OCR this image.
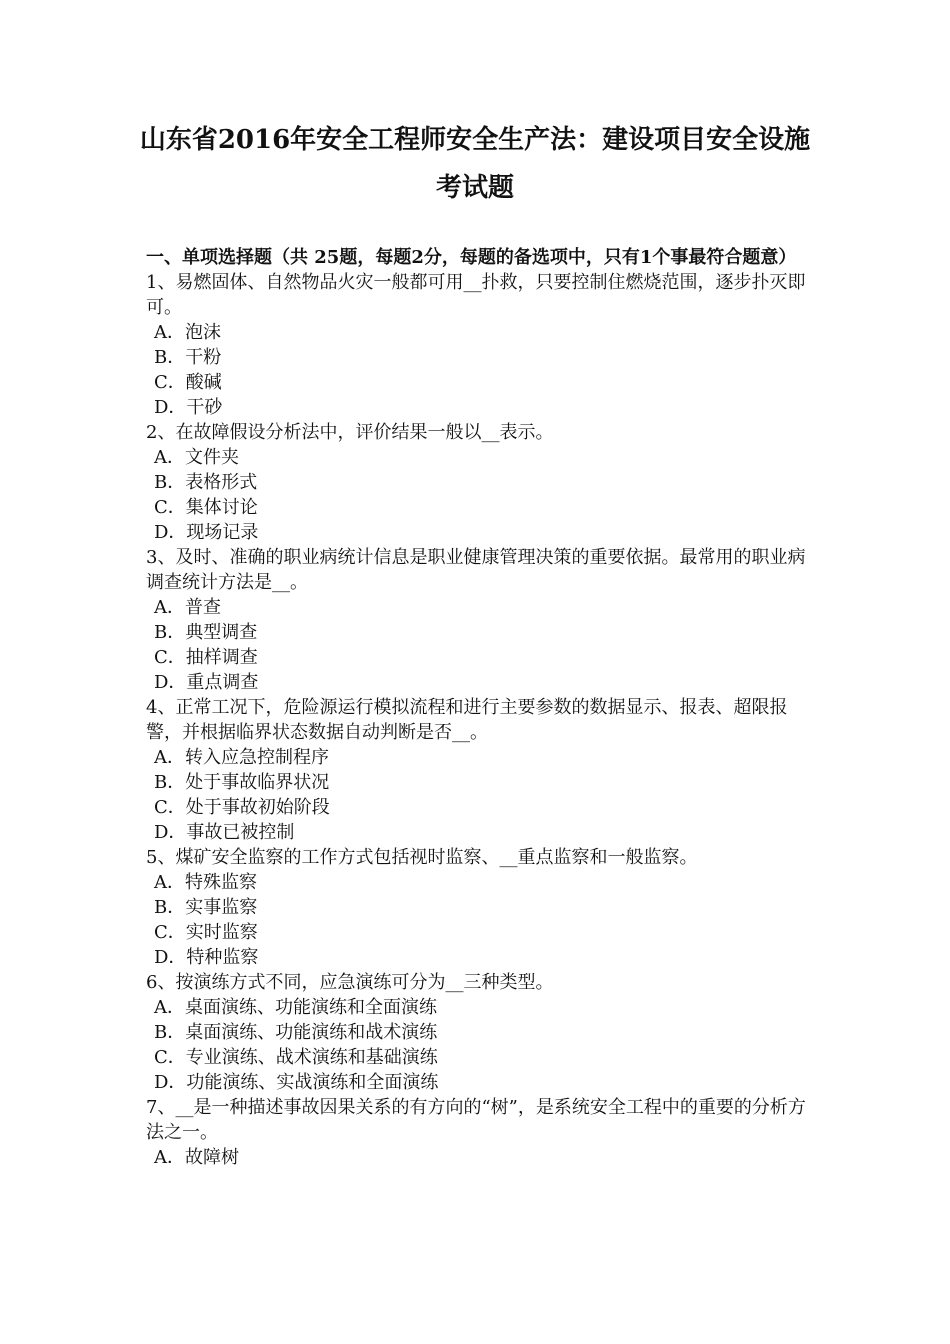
山东省2016年安全工程师安全生产法：建设项目安全设施
考试题
一、单项选择题（共 25题，每题2分，每题的备选项中，只有1个事最符合题意）

1、易燃固体、自然物品火灾一般都可用__扑救，只要控制住燃烧范围，逐步扑灭即可。

A．泡沫

B．干粉

C．酸碱

D．干砂

2、在故障假设分析法中，评价结果一般以__表示。

A．文件夹

B．表格形式

C．集体讨论

D．现场记录

3、及时、准确的职业病统计信息是职业健康管理决策的重要依据。最常用的职业病调查统计方法是__。

A．普查

B．典型调查

C．抽样调查

D．重点调查

4、正常工况下，危险源运行模拟流程和进行主要参数的数据显示、报表、超限报警，并根据临界状态数据自动判断是否__。

A．转入应急控制程序

B．处于事故临界状况

C．处于事故初始阶段

D．事故已被控制

5、煤矿安全监察的工作方式包括视时监察、__重点监察和一般监察。

A．特殊监察

B．实事监察

C．实时监察

D．特种监察

6、按演练方式不同，应急演练可分为__三种类型。

A．桌面演练、功能演练和全面演练

B．桌面演练、功能演练和战术演练

C．专业演练、战术演练和基础演练

D．功能演练、实战演练和全面演练

7、__是一种描述事故因果关系的有方向的“树”，是系统安全工程中的重要的分析方法之一。

A．故障树
